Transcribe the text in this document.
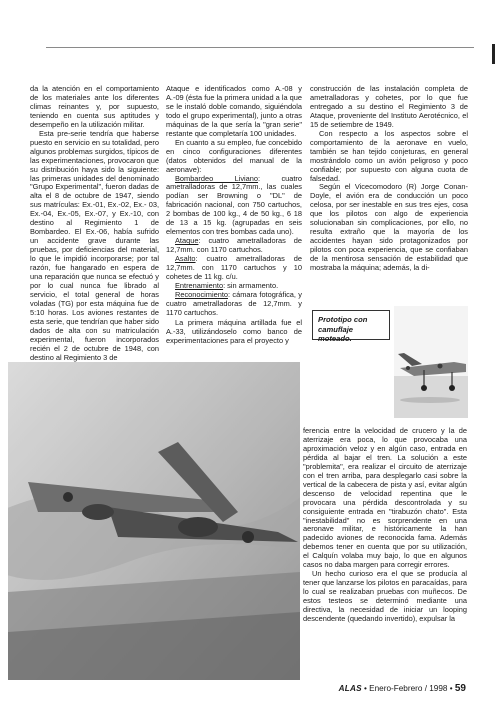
da la atención en el comportamiento de los materiales ante los diferentes climas reinantes y, por supuesto, teniendo en cuenta sus aptitudes y desempeño en la utilización militar.

Esta pre-serie tendría que haberse puesto en servicio en su totalidad, pero algunos problemas surgidos, típicos de las experimentaciones, provocaron que su distribución haya sido la siguiente: las primeras unidades del denominado "Grupo Experimental", fueron dadas de alta el 8 de octubre de 1947, siendo sus matrículas: Ex.-01, Ex.-02, Ex.- 03, Ex.-04, Ex.-05, Ex.-07, y Ex.-10, con destino al Regimiento 1 de Bombardeo. El Ex.-06, había sufrido un accidente grave durante las pruebas, por deficiencias del material, lo que le impidió incorporarse; por tal razón, fue hangarado en espera de una reparación que nunca se efectuó y por lo cual nunca fue librado al servicio, el total general de horas voladas (TG) por esta máquina fue de 5:10 horas. Los aviones restantes de esta serie, que tendrían que haber sido dados de alta con su matriculación experimental, fueron incorporados recién el 2 de octubre de 1948, con destino al Regimiento 3 de

Ataque e identificados como A.-08 y A.-09 (ésta fue la primera unidad a la que se le instaló doble comando, siguiéndola todo el grupo experimental), junto a otras máquinas de la que sería la "gran serie" restante que completaría 100 unidades.

En cuanto a su empleo, fue concebido en cinco configuraciones diferentes (datos obtenidos del manual de la aeronave):

Bombardeo Liviano: cuatro ametralladoras de 12,7mm., las cuales podían ser Browning o "DL" de fabricación nacional, con 750 cartuchos, 2 bombas de 100 kg., 4 de 50 kg., 6 18 de 13 a 15 kg. (agrupadas en seis elementos con tres bombas cada uno).

Ataque: cuatro ametralladoras de 12,7mm. con 1170 cartuchos.

Asalto: cuatro ametralladoras de 12,7mm. con 1170 cartuchos y 10 cohetes de 11 kg. c/u.

Entrenamiento: sin armamento.

Reconocimiento: cámara fotográfica, y cuatro ametralladoras de 12,7mm. y 1170 cartuchos.

La primera máquina artillada fue el A.-33, utilizándoselo como banco de experimentaciones para el proyecto y

construcción de las instalación completa de ametralladoras y cohetes, por lo que fue entregado a su destino el Regimiento 3 de Ataque, proveniente del Instituto Aerotécnico, el 15 de setiembre de 1949.

Con respecto a los aspectos sobre el comportamiento de la aeronave en vuelo, también se han tejido conjeturas, en general mostrándolo como un avión peligroso y poco confiable; por supuesto con alguna cuota de falsedad.

Según el Vicecomodoro (R) Jorge Conan-Doyle, el avión era de conducción un poco celosa, por ser inestable en sus tres ejes, cosa que los pilotos con algo de experiencia solucionaban sin complicaciones, por ello, no resulta extraño que la mayoría de los accidentes hayan sido protagonizados por pilotos con poca experiencia, que se confiaban de la mentirosa sensación de estabilidad que mostraba la máquina; además, la di-

Prototipo con
camuflaje moteado.

ferencia entre la velocidad de crucero y la de aterrizaje era poca, lo que provocaba una aproximación veloz y en algún caso, entrada en pérdida al bajar el tren. La solución a este "problemita", era realizar el circuito de aterrizaje con el tren arriba, para desplegarlo casi sobre la vertical de la cabecera de pista y así, evitar algún descenso de velocidad repentina que le provocara una pérdida descontrolada y su consiguiente entrada en "tirabuzón chato". Esta "inestabilidad" no es sorprendente en una aeronave militar, e históricamente la han padecido aviones de reconocida fama. Además debemos tener en cuenta que por su utilización, el Calquín volaba muy bajo, lo que en algunos casos no daba margen para corregir errores.

Un hecho curioso era el que se producía al tener que lanzarse los pilotos en paracaídas, para lo cual se realizaban pruebas con muñecos. De estos testeos se determinó mediante una directiva, la necesidad de iniciar un looping descendente (quedando invertido), expulsar la

ALAS • Enero-Febrero / 1998 • 59
